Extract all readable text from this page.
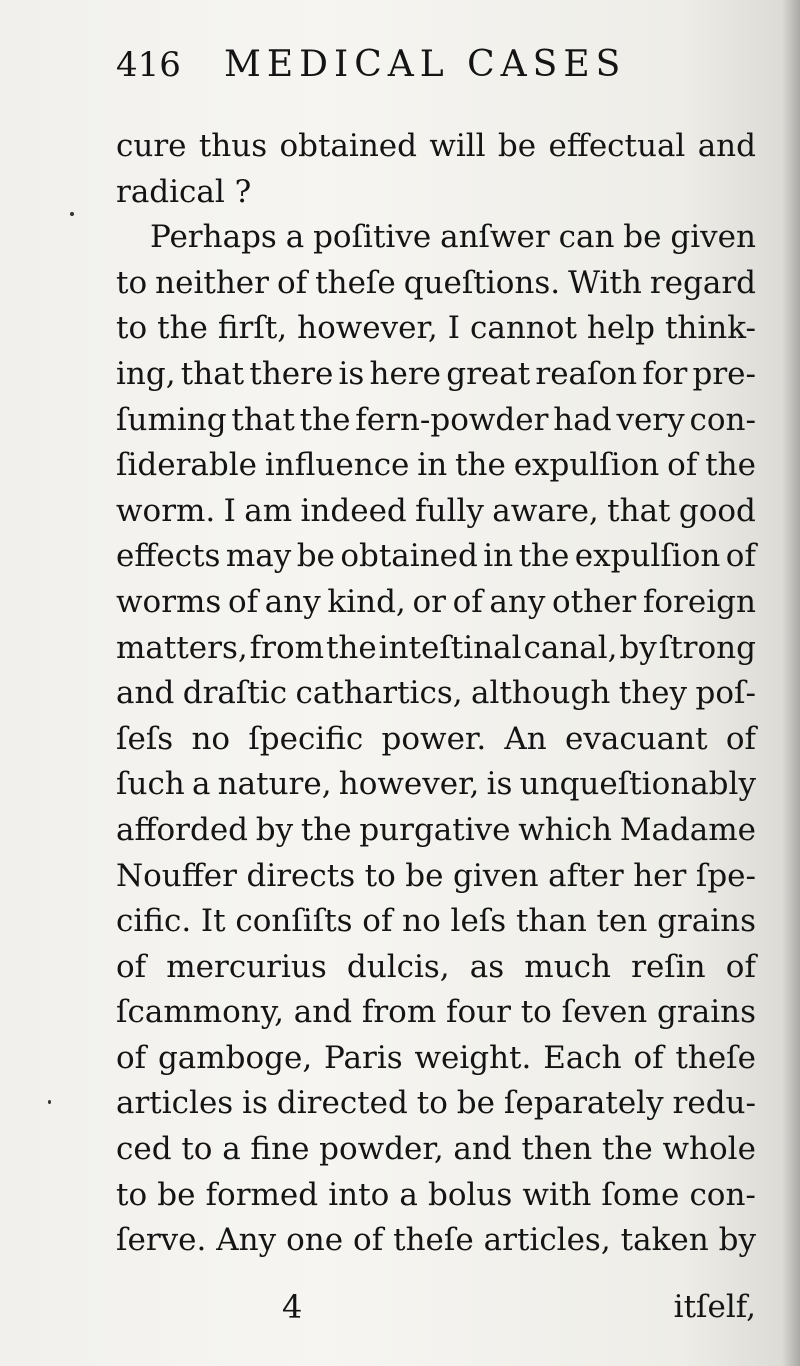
416 MEDICAL CASES
cure thus obtained will be effectual and
radical ?
Perhaps a poſitive anſwer can be given
to neither of theſe queſtions. With regard
to the firſt, however, I cannot help think-
ing, that there is here great reaſon for pre-
ſuming that the fern-powder had very con-
ſiderable influence in the expulſion of the
worm. I am indeed fully aware, that good
effects may be obtained in the expulſion of
worms of any kind, or of any other foreign
matters, from the inteſtinal canal, by ſtrong
and draſtic cathartics, although they poſ-
ſeſs no ſpecific power. An evacuant of
ſuch a nature, however, is unqueſtionably
afforded by the purgative which Madame
Nouffer directs to be given after her ſpe-
cific. It conſiſts of no leſs than ten grains
of mercurius dulcis, as much reſin of
ſcammony, and from four to ſeven grains
of gamboge, Paris weight. Each of theſe
articles is directed to be ſeparately redu-
ced to a fine powder, and then the whole
to be formed into a bolus with ſome con-
ſerve. Any one of theſe articles, taken by
4	itſelf,
